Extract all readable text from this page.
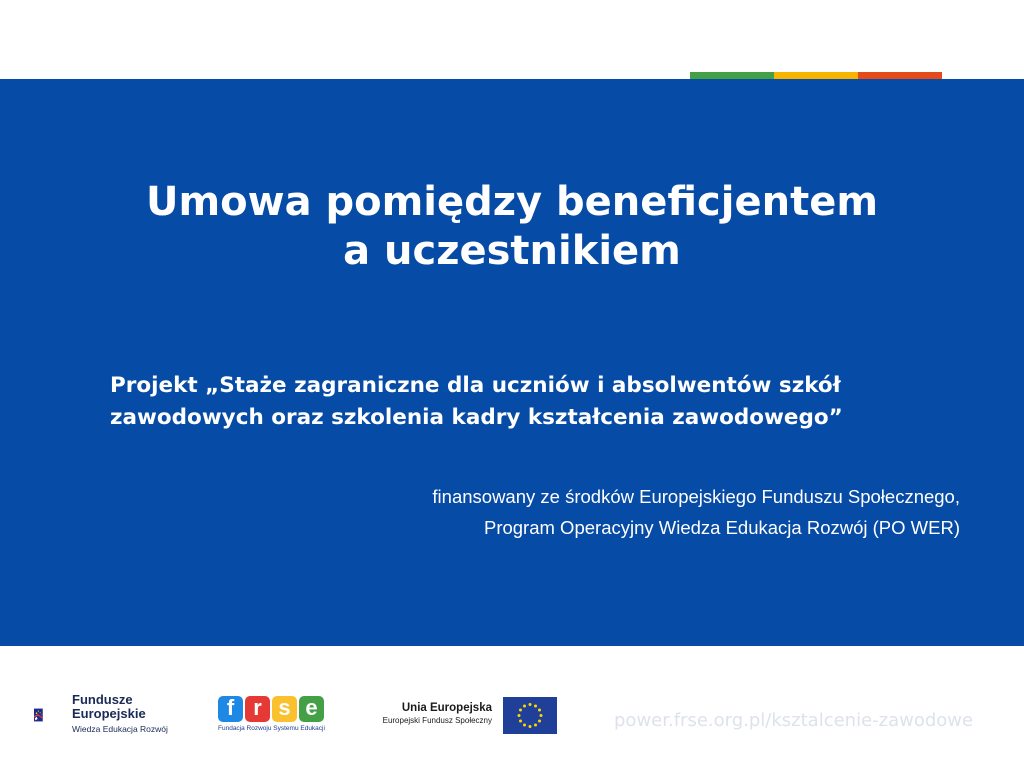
Umowa pomiędzy beneficjentem
a uczestnikiem
Projekt „Staże zagraniczne dla uczniów i absolwentów szkół
zawodowych oraz szkolenia kadry kształcenia zawodowego”
finansowany ze środków Europejskiego Funduszu Społecznego,
Program Operacyjny Wiedza Edukacja Rozwój (PO WER)
Fundusze
Europejskie
Wiedza Edukacja Rozwój
f r s e
Fundacja Rozwoju Systemu Edukacji
Unia Europejska
Europejski Fundusz Społeczny	power.frse.org.pl/ksztalcenie-zawodowe
